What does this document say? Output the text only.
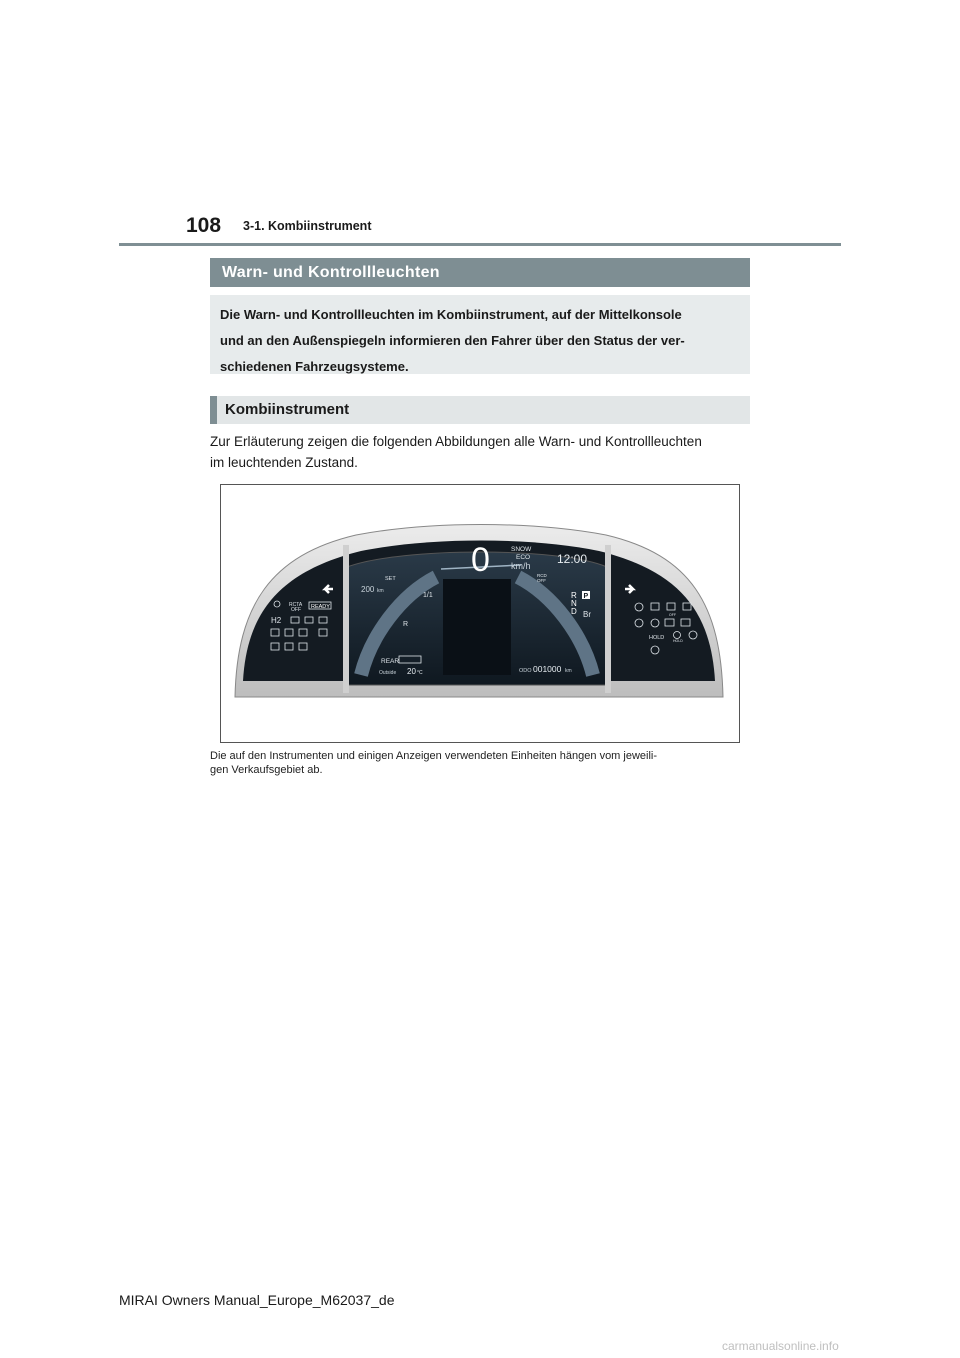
108 3-1. Kombiinstrument
Warn- und Kontrollleuchten
Die Warn- und Kontrollleuchten im Kombiinstrument, auf der Mittelkonsole
und an den Außenspiegeln informieren den Fahrer über den Status der ver-
schiedenen Fahrzeugsysteme.
Kombiinstrument
Zur Erläuterung zeigen die folgenden Abbildungen alle Warn- und Kontrollleuchten
im leuchtenden Zustand.
0	SNOW
ECO
km/h 12:00
SET
200 km
1/1
R
RCD
OFF
REAR
Outside 20 °C	ODO 001000 km
R
N
D
P
Br
RCTA
OFF READY
H2
OFF
HOLD HOLD
Die auf den Instrumenten und einigen Anzeigen verwendeten Einheiten hängen vom jeweili-
gen Verkaufsgebiet ab.
MIRAI Owners Manual_Europe_M62037_de
carmanualsonline.info
